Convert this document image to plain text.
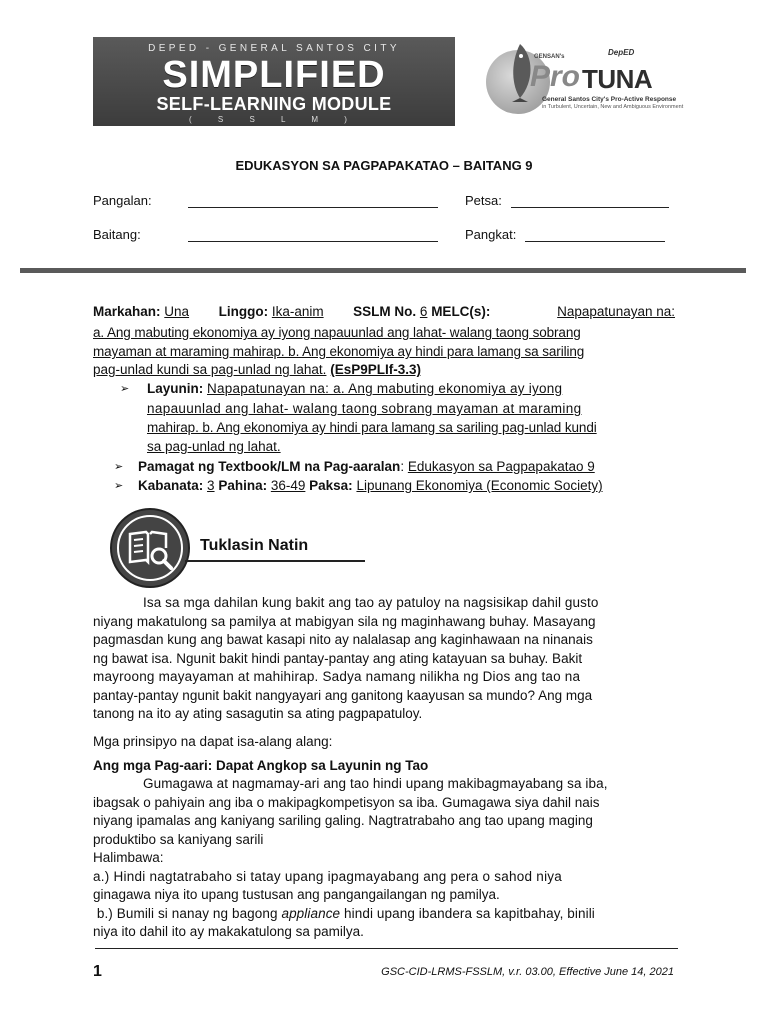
DEPED - GENERAL SANTOS CITY
SIMPLIFIED
SELF-LEARNING MODULE
( S S L M )
GENSAN's	DepED
Pro TUNA
General Santos City's Pro-Active Response
in Turbulent, Uncertain, New and Ambiguous Environment
EDUKASYON SA PAGPAPAKATAO – BAITANG 9
Pangalan:	Petsa:
Baitang:	Pangkat:
Markahan: Una Linggo: Ika-anim SSLM No. 6 MELC(s):	Napapatunayan na:
a. Ang mabuting ekonomiya ay iyong napauunlad ang lahat- walang taong sobrang
mayaman at maraming mahirap. b. Ang ekonomiya ay hindi para lamang sa sariling
pag-unlad kundi sa pag-unlad ng lahat. (EsP9PLIf-3.3)
➢ Layunin: Napapatunayan na: a. Ang mabuting ekonomiya ay iyong
napauunlad ang lahat- walang taong sobrang mayaman at maraming
mahirap. b. Ang ekonomiya ay hindi para lamang sa sariling pag-unlad kundi
sa pag-unlad ng lahat.
➢ Pamagat ng Textbook/LM na Pag-aaralan: Edukasyon sa Pagpapakatao 9
➢ Kabanata: 3 Pahina: 36-49 Paksa: Lipunang Ekonomiya (Economic Society)
Tuklasin Natin
Isa sa mga dahilan kung bakit ang tao ay patuloy na nagsisikap dahil gusto
niyang makatulong sa pamilya at mabigyan sila ng maginhawang buhay. Masayang
pagmasdan kung ang bawat kasapi nito ay nalalasap ang kaginhawaan na ninanais
ng bawat isa. Ngunit bakit hindi pantay-pantay ang ating katayuan sa buhay. Bakit
mayroong mayayaman at mahihirap. Sadya namang nilikha ng Dios ang tao na
pantay-pantay ngunit bakit nangyayari ang ganitong kaayusan sa mundo? Ang mga
tanong na ito ay ating sasagutin sa ating pagpapatuloy.
Mga prinsipyo na dapat isa-alang alang:
Ang mga Pag-aari: Dapat Angkop sa Layunin ng Tao
Gumagawa at nagmamay-ari ang tao hindi upang makibagmayabang sa iba,
ibagsak o pahiyain ang iba o makipagkompetisyon sa iba. Gumagawa siya dahil nais
niyang ipamalas ang kaniyang sariling galing. Nagtratrabaho ang tao upang maging
produktibo sa kaniyang sarili
Halimbawa:
a.) Hindi nagtatrabaho si tatay upang ipagmayabang ang pera o sahod niya
ginagawa niya ito upang tustusan ang pangangailangan ng pamilya.
b.) Bumili si nanay ng bagong appliance hindi upang ibandera sa kapitbahay, binili
niya ito dahil ito ay makakatulong sa pamilya.
1	GSC-CID-LRMS-FSSLM, v.r. 03.00, Effective June 14, 2021
